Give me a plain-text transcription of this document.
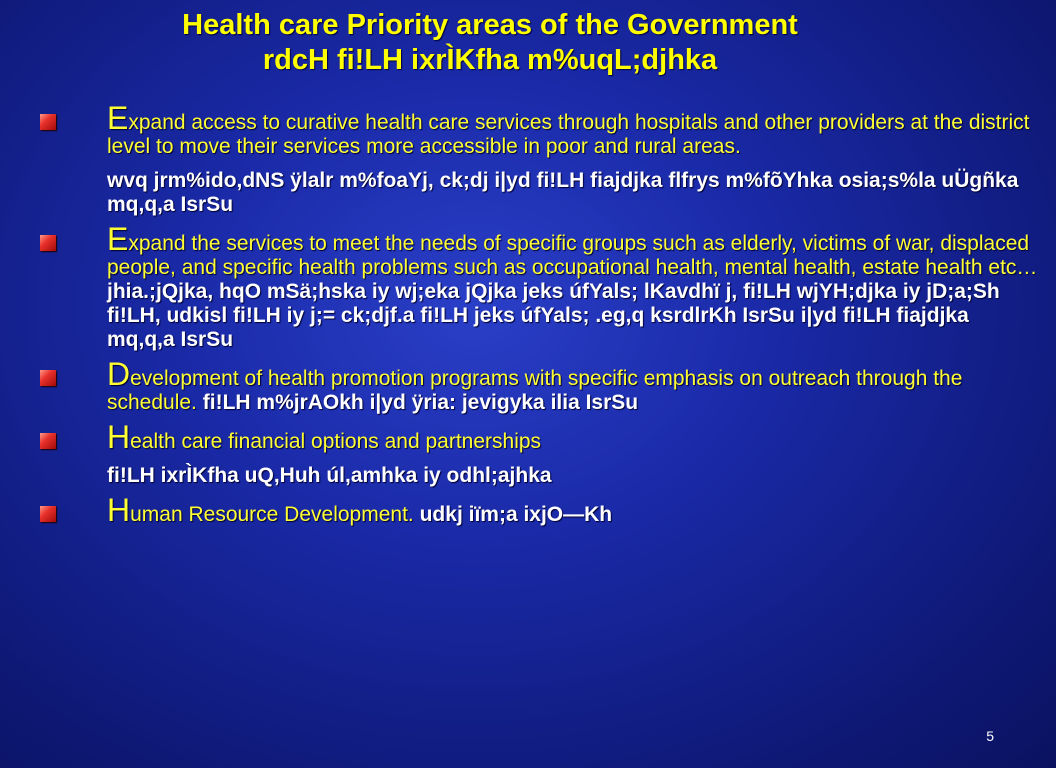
Health care Priority areas of the Government
rdcH fi!LH ixrÌKfha m%uqL;djhka
Expand access to curative health care services through hospitals and other providers at the district level to move their services more accessible in poor and rural areas.
wvq jrm%ido,dNS ÿlalr m%foaYj, ck;dj i|yd fi!LH fiajdjka flfrys m%fõYhka osia;s%la uÜgñka mq,q,a IsrSu
Expand the services to meet the needs of specific groups such as elderly, victims of war, displaced people, and specific health problems such as occupational health, mental health, estate health etc… jhia.;jQjka, hqO mSä;hska iy wj;eka jQjka jeks úfYals; lKavdhï j, fi!LH wjYH;djka iy jD;a;Sh fi!LH, udkisl fi!LH iy j;= ck;djf.a fi!LH jeks úfYals; .eg,q ksrdlrKh IsrSu i|yd fi!LH fiajdjka mq,q,a IsrSu
Development of health promotion programs with specific emphasis on outreach through the schedule. fi!LH m%jrAOkh i|yd ÿria: jevigyka ilia IsrSu
Health care financial options and partnerships
fi!LH ixrÌKfha uQ,Huh úl,amhka iy odhl;ajhka
Human Resource Development. udkj iïm;a ixjO—Kh
5
